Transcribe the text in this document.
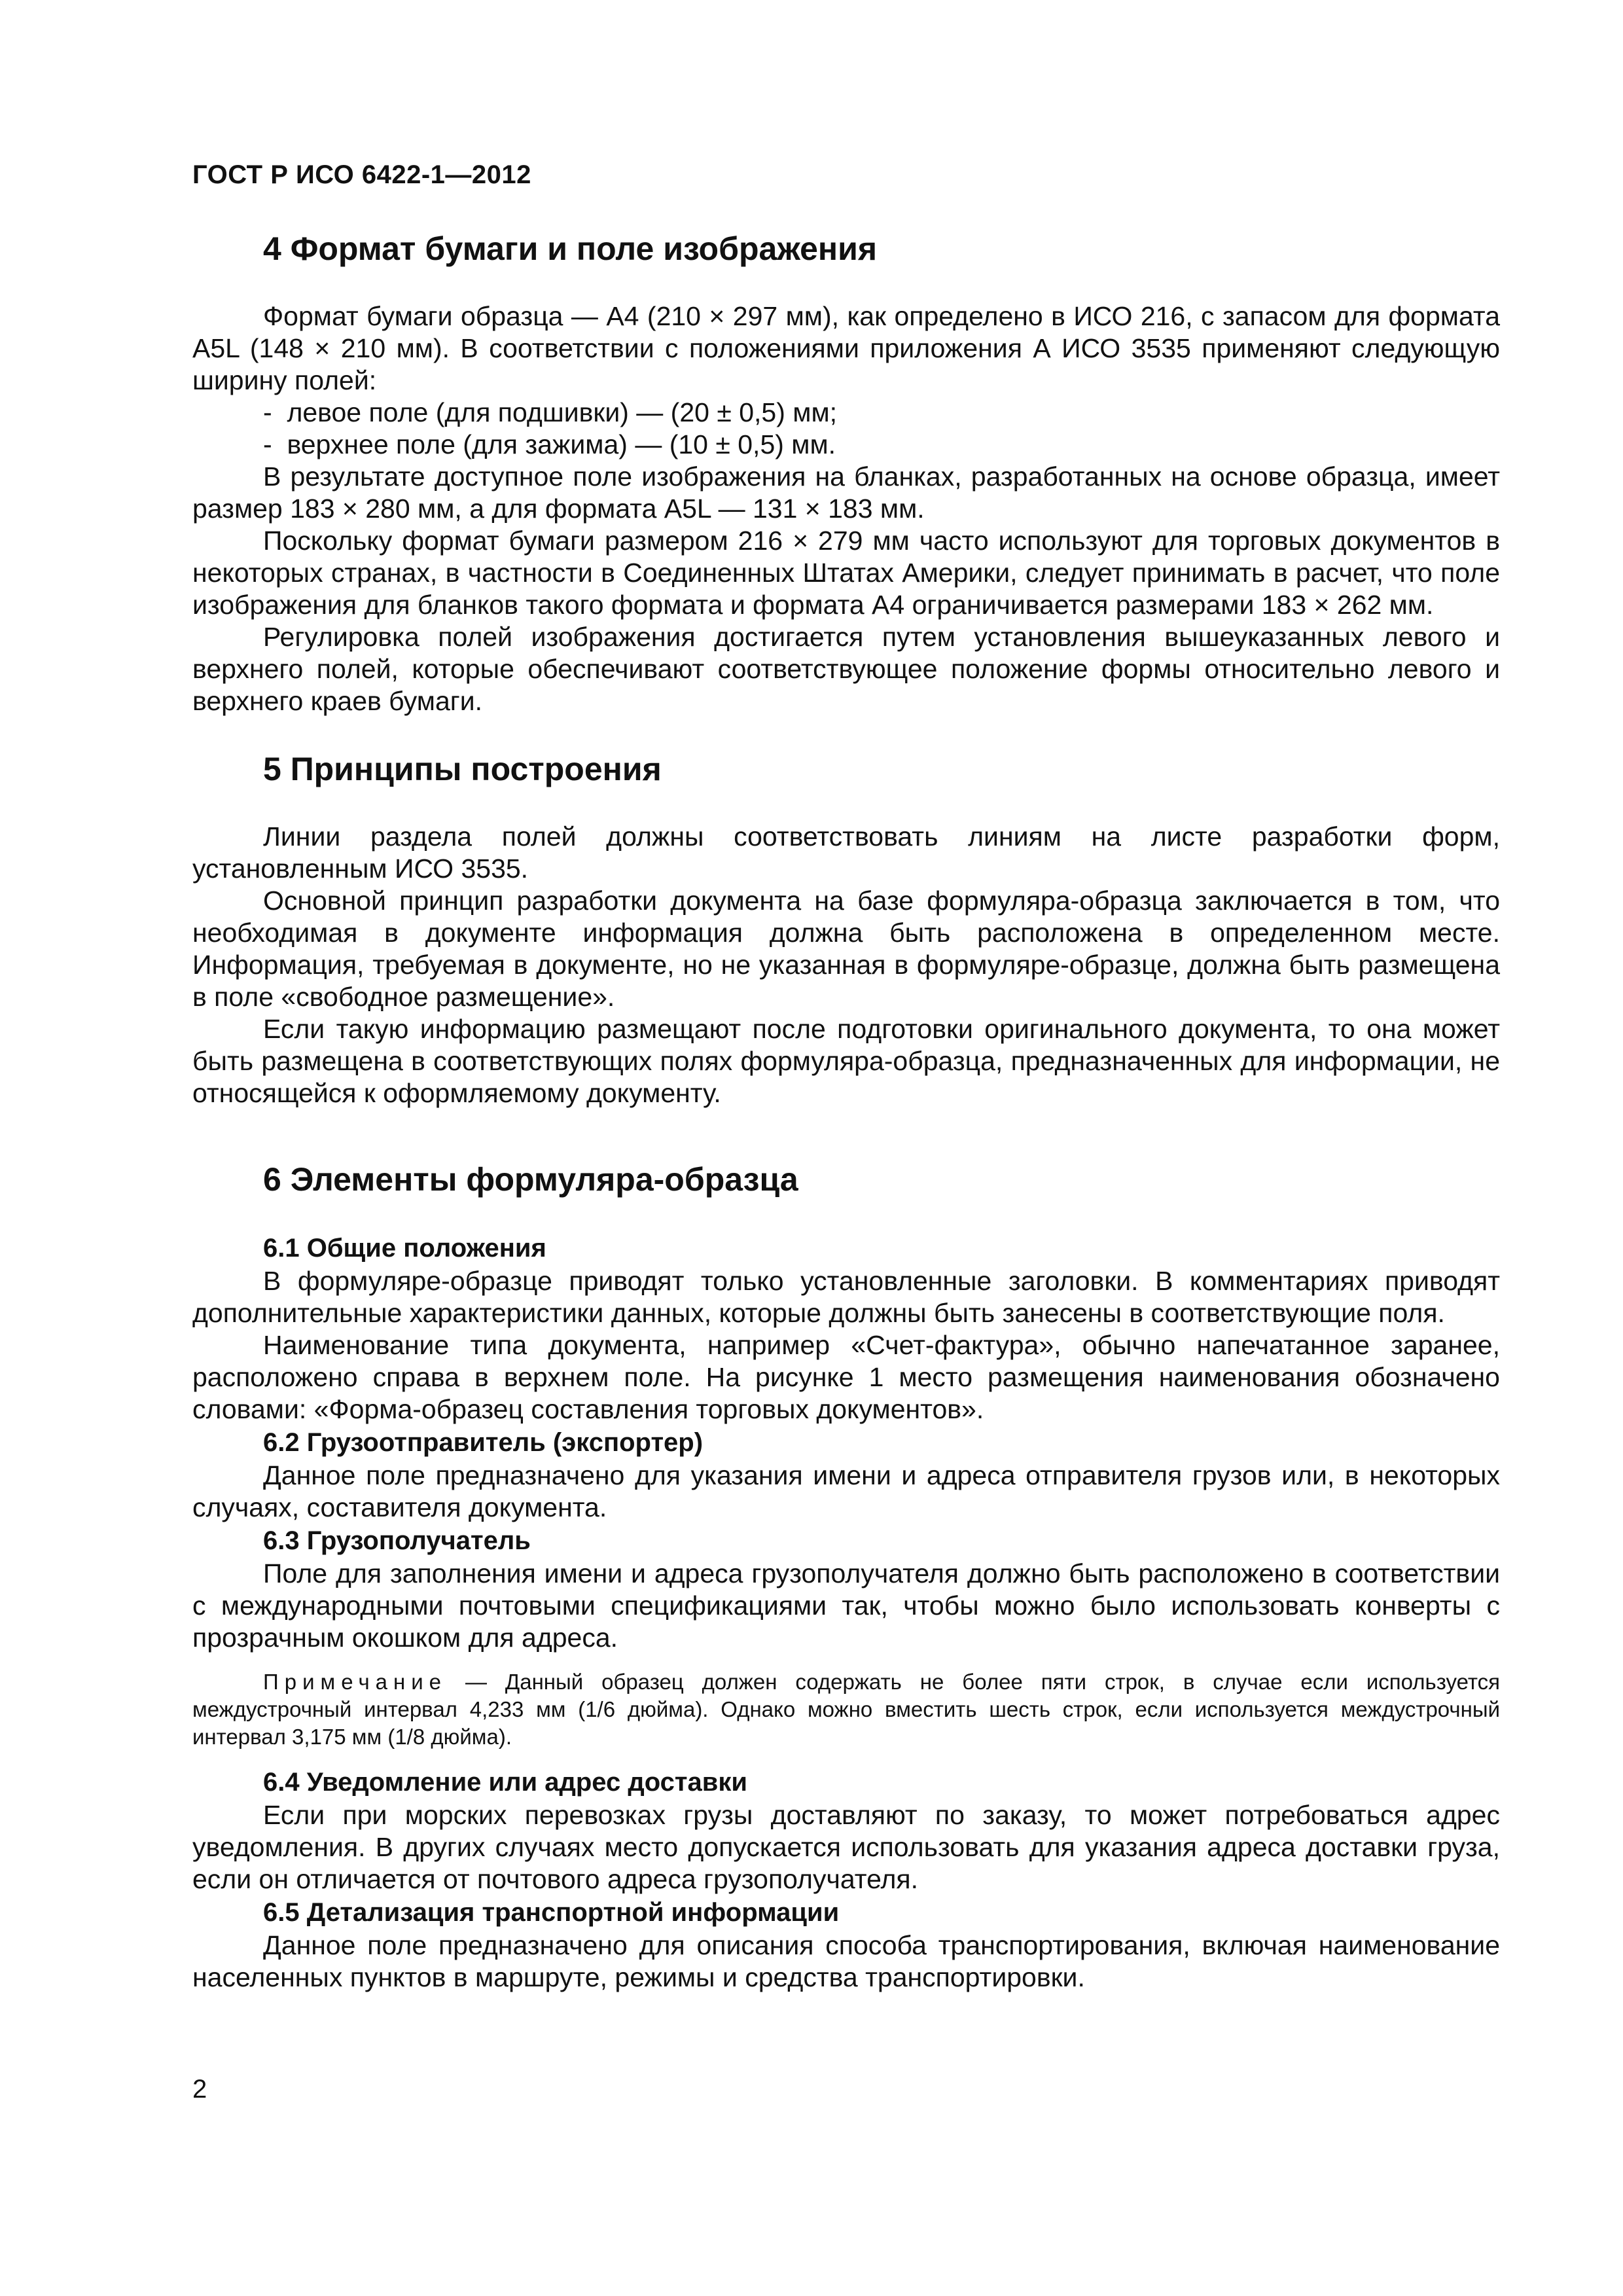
ГОСТ Р ИСО 6422-1—2012
4 Формат бумаги и поле изображения

Формат бумаги образца — А4 (210 × 297 мм), как определено в ИСО 216, с запасом для формата А5L (148 × 210 мм). В соответствии с положениями приложения А ИСО 3535 применяют следующую ширину полей:

-  левое поле (для подшивки) — (20 ± 0,5) мм;
-  верхнее поле (для зажима) — (10 ± 0,5) мм.

В результате доступное поле изображения на бланках, разработанных на основе образца, имеет размер 183 × 280 мм, а для формата А5L — 131 × 183 мм.

Поскольку формат бумаги размером 216 × 279 мм часто используют для торговых документов в некоторых странах, в частности в Соединенных Штатах Америки, следует принимать в расчет, что поле изображения для бланков такого формата и формата А4 ограничивается размерами 183 × 262 мм.

Регулировка полей изображения достигается путем установления вышеуказанных левого и верхнего полей, которые обеспечивают соответствующее положение формы относительно левого и верхнего краев бумаги.

5 Принципы построения

Линии раздела полей должны соответствовать линиям на листе разработки форм, установленным ИСО 3535.

Основной принцип разработки документа на базе формуляра-образца заключается в том, что необходимая в документе информация должна быть расположена в определенном месте. Информация, требуемая в документе, но не указанная в формуляре-образце, должна быть размещена в поле «свободное размещение».

Если такую информацию размещают после подготовки оригинального документа, то она может быть размещена в соответствующих полях формуляра-образца, предназначенных для информации, не относящейся к оформляемому документу.

6 Элементы формуляра-образца
6.1 Общие положения

В формуляре-образце приводят только установленные заголовки. В комментариях приводят дополнительные характеристики данных, которые должны быть занесены в соответствующие поля.

Наименование типа документа, например «Счет-фактура», обычно напечатанное заранее, расположено справа в верхнем поле. На рисунке 1 место размещения наименования обозначено словами: «Форма-образец составления торговых документов».

6.2 Грузоотправитель (экспортер)

Данное поле предназначено для указания имени и адреса отправителя грузов или, в некоторых случаях, составителя документа.

6.3 Грузополучатель

Поле для заполнения имени и адреса грузополучателя должно быть расположено в соответствии с международными почтовыми спецификациями так, чтобы можно было использовать конверты с прозрачным окошком для адреса.

Примечание — Данный образец должен содержать не более пяти строк, в случае если используется междустрочный интервал 4,233 мм (1/6 дюйма). Однако можно вместить шесть строк, если используется междустрочный интервал 3,175 мм (1/8 дюйма).

6.4 Уведомление или адрес доставки

Если при морских перевозках грузы доставляют по заказу, то может потребоваться адрес уведомления. В других случаях место допускается использовать для указания адреса доставки груза, если он отличается от почтового адреса грузополучателя.

6.5 Детализация транспортной информации

Данное поле предназначено для описания способа транспортирования, включая наименование населенных пунктов в маршруте, режимы и средства транспортировки.

2
